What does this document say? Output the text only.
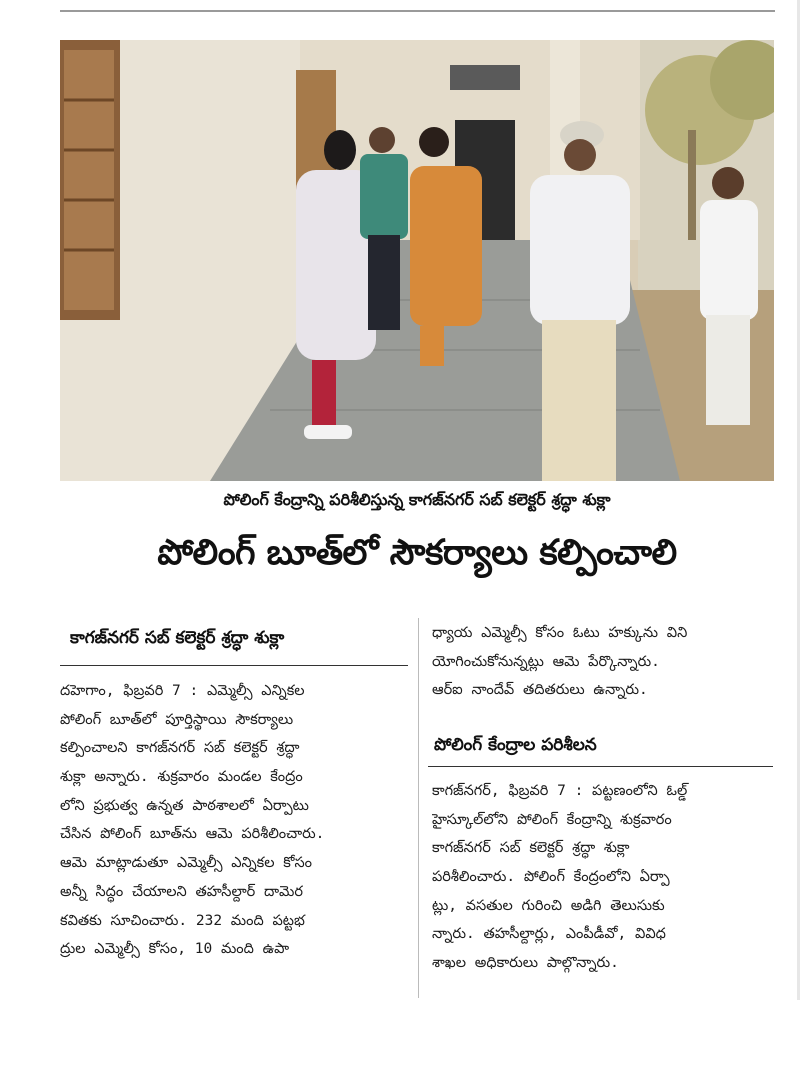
పోలింగ్ కేంద్రాన్ని పరిశీలిస్తున్న కాగజ్‌నగర్ సబ్ కలెక్టర్ శ్రద్ధా శుక్లా
పోలింగ్ బూత్‌లో సౌకర్యాలు కల్పించాలి
కాగజ్‌నగర్ సబ్ కలెక్టర్ శ్రద్ధా శుక్లా
దహెగాం, ఫిబ్రవరి 7 : ఎమ్మెల్సీ ఎన్నికల
పోలింగ్ బూత్‌లో పూర్తిస్థాయి సౌకర్యాలు
కల్పించాలని కాగజ్‌నగర్ సబ్ కలెక్టర్ శ్రద్ధా
శుక్లా అన్నారు. శుక్రవారం మండల కేంద్రం
లోని ప్రభుత్వ ఉన్నత పాఠశాలలో ఏర్పాటు
చేసిన పోలింగ్ బూత్‌ను ఆమె పరిశీలించారు.
ఆమె మాట్లాడుతూ ఎమ్మెల్సీ ఎన్నికల కోసం
అన్నీ సిద్ధం చేయాలని తహసీల్దార్ దామెర
కవితకు సూచించారు. 232 మంది పట్టభ
ద్రుల ఎమ్మెల్సీ కోసం, 10 మంది ఉపా
ధ్యాయ ఎమ్మెల్సీ కోసం ఓటు హక్కును విని
యోగించుకోనున్నట్లు ఆమె పేర్కొన్నారు.
ఆర్ఐ నాందేవ్ తదితరులు ఉన్నారు.
పోలింగ్ కేంద్రాల పరిశీలన
కాగజ్‌నగర్, ఫిబ్రవరి 7 : పట్టణంలోని ఓల్డ్
హైస్కూల్‌లోని పోలింగ్ కేంద్రాన్ని శుక్రవారం
కాగజ్‌నగర్ సబ్ కలెక్టర్ శ్రద్ధా శుక్లా
పరిశీలించారు. పోలింగ్ కేంద్రంలోని ఏర్పా
ట్లు, వసతుల గురించి అడిగి తెలుసుకు
న్నారు. తహసీల్దార్లు, ఎంపీడీవో, వివిధ
శాఖల అధికారులు పాల్గొన్నారు.
